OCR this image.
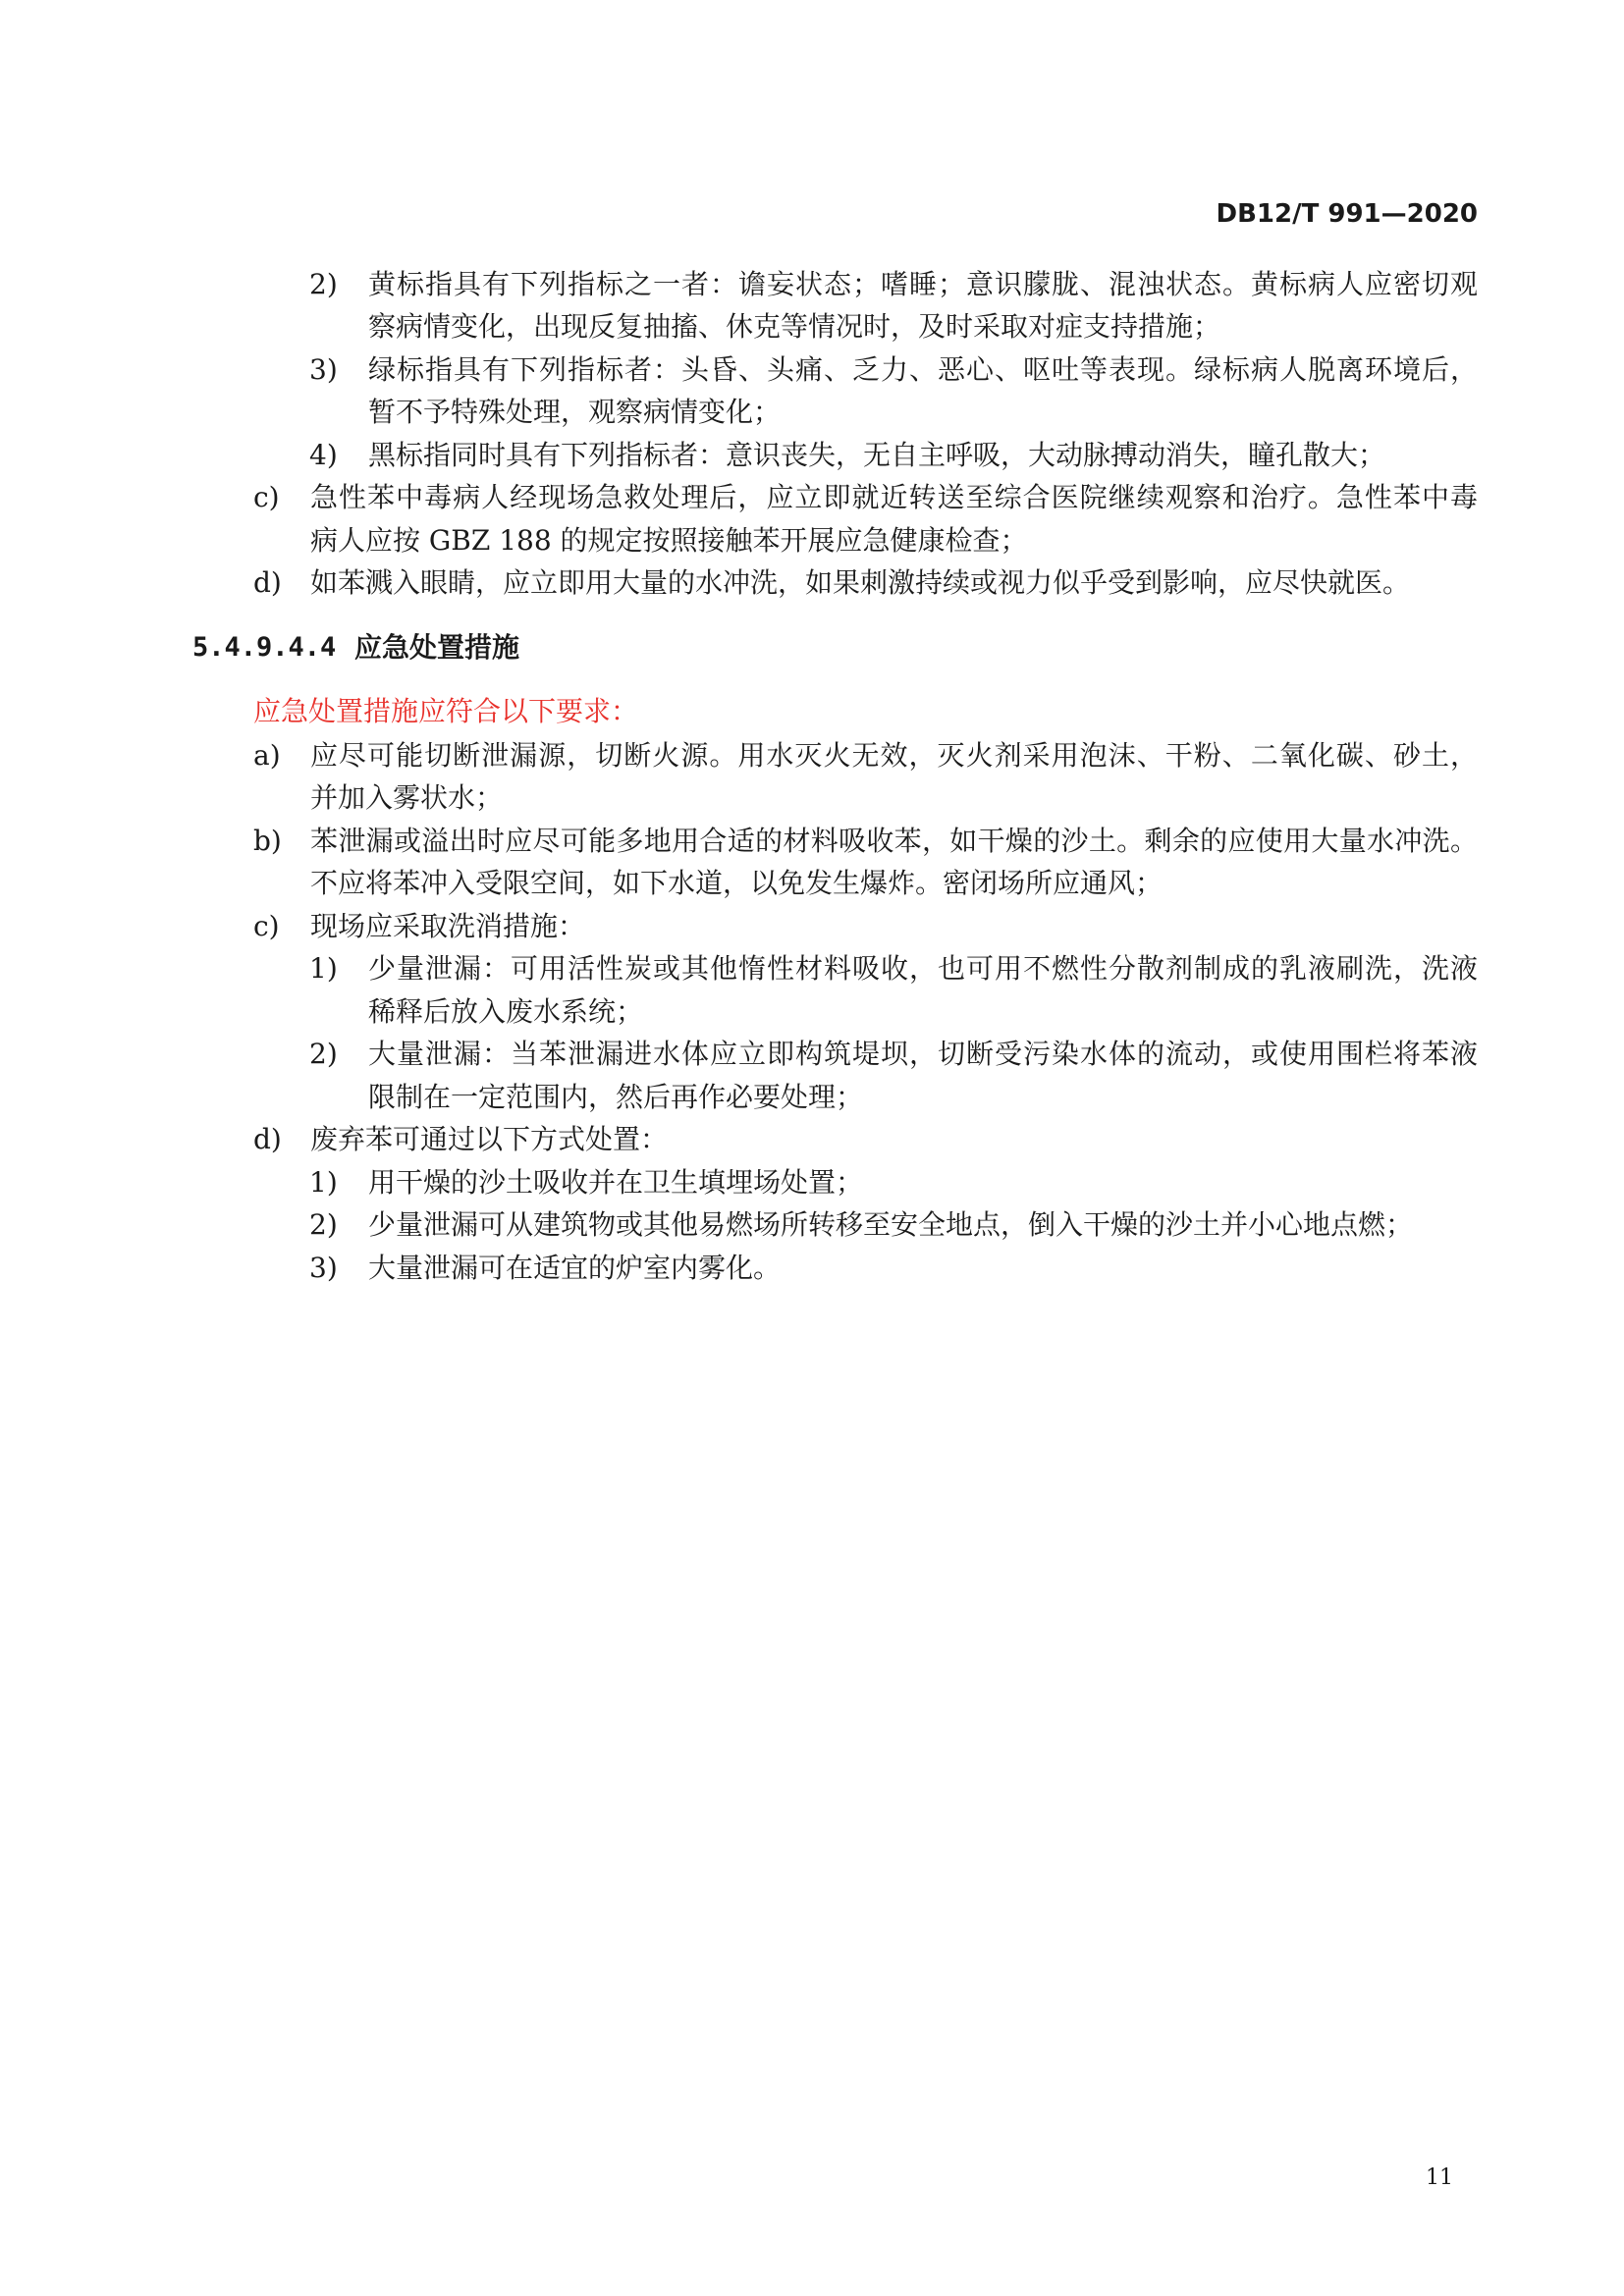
DB12/T 991—2020
2) 黄标指具有下列指标之一者：谵妄状态；嗜睡；意识朦胧、混浊状态。黄标病人应密切观
察病情变化，出现反复抽搐、休克等情况时，及时采取对症支持措施；
3) 绿标指具有下列指标者：头昏、头痛、乏力、恶心、呕吐等表现。绿标病人脱离环境后，
暂不予特殊处理，观察病情变化；
4) 黑标指同时具有下列指标者：意识丧失，无自主呼吸，大动脉搏动消失，瞳孔散大；
c) 急性苯中毒病人经现场急救处理后，应立即就近转送至综合医院继续观察和治疗。急性苯中毒
病人应按 GBZ 188 的规定按照接触苯开展应急健康检查；
d) 如苯溅入眼睛，应立即用大量的水冲洗，如果刺激持续或视力似乎受到影响，应尽快就医。
5.4.9.4.4 应急处置措施
应急处置措施应符合以下要求：
a) 应尽可能切断泄漏源，切断火源。用水灭火无效，灭火剂采用泡沫、干粉、二氧化碳、砂土，
并加入雾状水；
b) 苯泄漏或溢出时应尽可能多地用合适的材料吸收苯，如干燥的沙土。剩余的应使用大量水冲洗。
不应将苯冲入受限空间，如下水道，以免发生爆炸。密闭场所应通风；
c) 现场应采取洗消措施：
1) 少量泄漏：可用活性炭或其他惰性材料吸收，也可用不燃性分散剂制成的乳液刷洗，洗液
稀释后放入废水系统；
2) 大量泄漏：当苯泄漏进水体应立即构筑堤坝，切断受污染水体的流动，或使用围栏将苯液
限制在一定范围内，然后再作必要处理；
d) 废弃苯可通过以下方式处置：
1) 用干燥的沙土吸收并在卫生填埋场处置；
2) 少量泄漏可从建筑物或其他易燃场所转移至安全地点，倒入干燥的沙土并小心地点燃；
3) 大量泄漏可在适宜的炉室内雾化。
11
